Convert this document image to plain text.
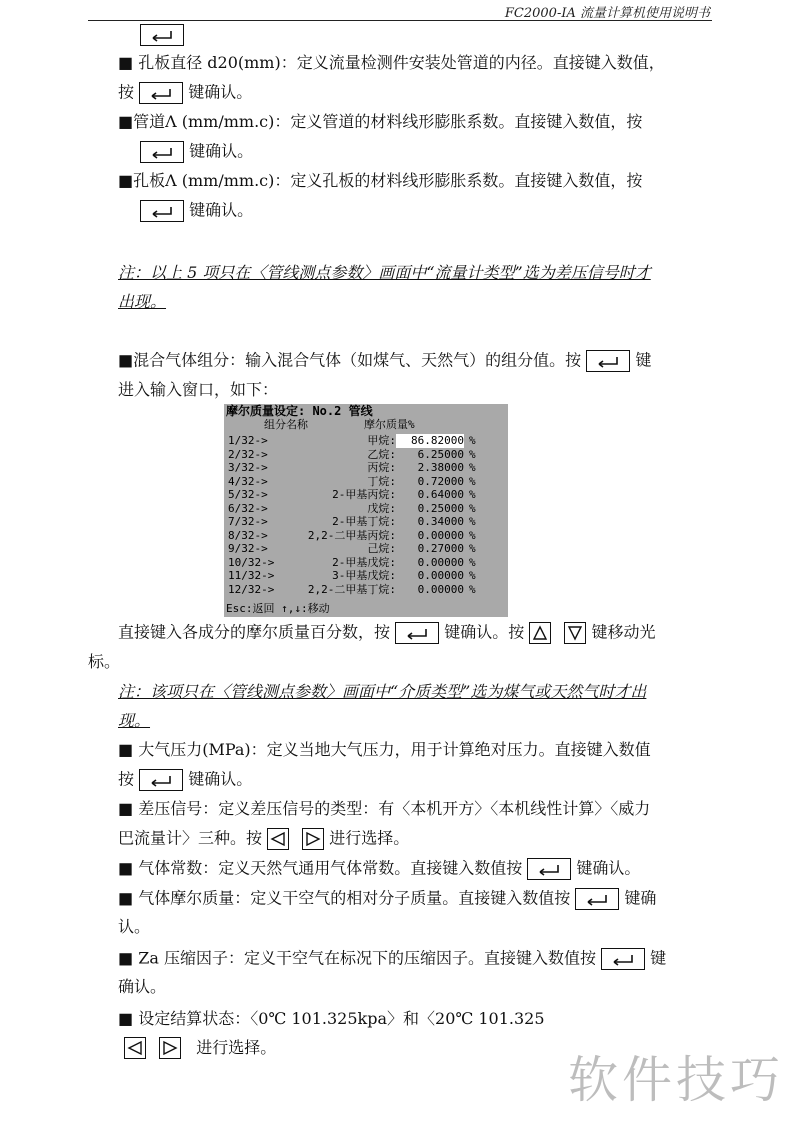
FC2000-IA 流量计算机使用说明书
■ 孔板直径 d20(mm)：定义流量检测件安装处管道的内径。直接键入数值，
按	键确认。
■管道Λ (mm/mm.c)：定义管道的材料线形膨胀系数。直接键入数值，按
键确认。
■孔板Λ (mm/mm.c)：定义孔板的材料线形膨胀系数。直接键入数值，按
键确认。
注：以上 5 项只在〈管线测点参数〉画面中“流量计类型”选为差压信号时才
出现。
■混合气体组分：输入混合气体（如煤气、天然气）的组分值。按	键
进入输入窗口，如下：
摩尔质量设定: No.2 管线
组分名称	摩尔质量%
1/32->	甲烷:	86.82000 %
2/32->	乙烷:	6.25000 %
3/32->	丙烷:	2.38000 %
4/32->	丁烷:	0.72000 %
5/32->	2-甲基丙烷:	0.64000 %
6/32->	戊烷:	0.25000 %
7/32->	2-甲基丁烷:	0.34000 %
8/32->	2,2-二甲基丙烷:	0.00000 %
9/32->	己烷:	0.27000 %
10/32->	2-甲基戊烷:	0.00000 %
11/32->	3-甲基戊烷:	0.00000 %
12/32->	2,2-二甲基丁烷:	0.00000 %
Esc:返回 ↑,↓:移动
直接键入各成分的摩尔质量百分数，按	键确认。按
	键移动光
标。
注：该项只在〈管线测点参数〉画面中“介质类型”选为煤气或天然气时才出
现。
■ 大气压力(MPa)：定义当地大气压力，用于计算绝对压力。直接键入数值
按	键确认。
■ 差压信号：定义差压信号的类型：有〈本机开方〉〈本机线性计算〉〈威力
巴流量计〉三种。按
	进行选择。
■ 气体常数：定义天然气通用气体常数。直接键入数值按	键确认。
■ 气体摩尔质量：定义干空气的相对分子质量。直接键入数值按	键确
认。
■ Za 压缩因子：定义干空气在标况下的压缩因子。直接键入数值按	键
确认。
■ 设定结算状态：〈0℃ 101.325kpa〉和〈20℃ 101.325

进行选择。
软件技巧
